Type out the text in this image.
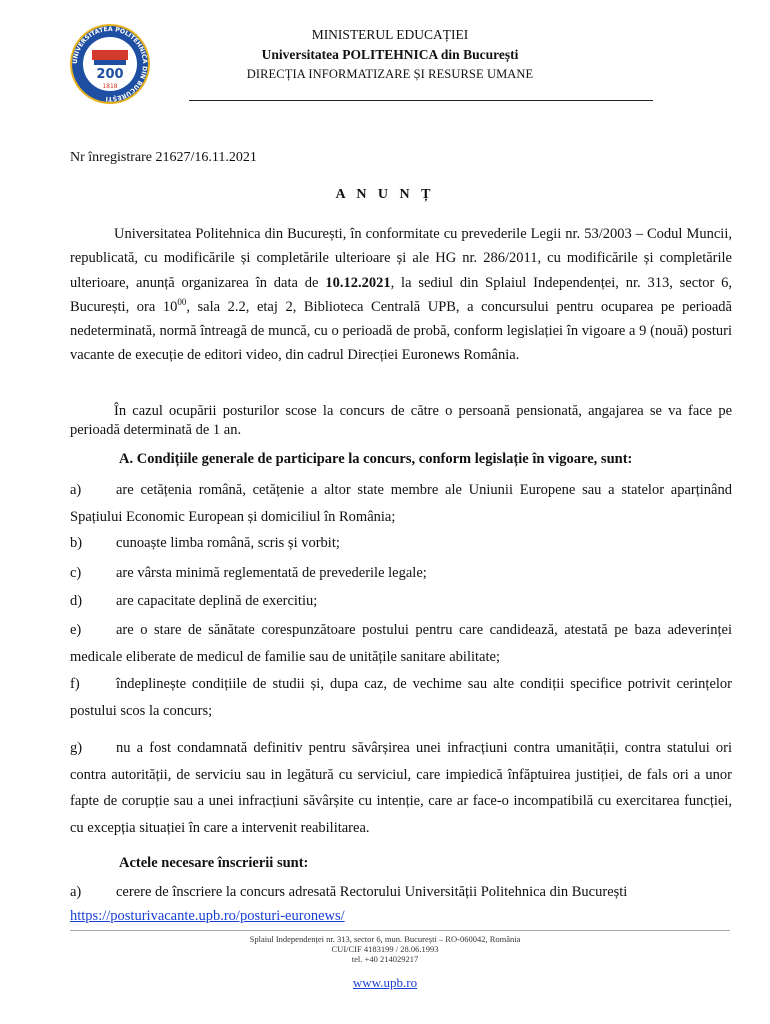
UNIVERSITATEA POLITEHNICA DIN BUCUREȘTI
200
1818
MINISTERUL EDUCAȚIEI
Universitatea POLITEHNICA din București
DIRECȚIA INFORMATIZARE ȘI RESURSE UMANE
Nr înregistrare 21627/16.11.2021
A N U N Ț
Universitatea Politehnica din București, în conformitate cu prevederile Legii nr. 53/2003 – Codul Muncii, republicată, cu modificările și completările ulterioare și ale HG nr. 286/2011, cu modificările și completările ulterioare, anunță organizarea în data de 10.12.2021, la sediul din Splaiul Independenței, nr. 313, sector 6, București, ora $10^{00}$, sala 2.2, etaj 2, Biblioteca Centrală UPB, a concursului pentru ocuparea pe perioadă nedeterminată, normă întreagă de muncă, cu o perioadă de probă, conform legislației în vigoare a 9 (nouă) posturi vacante de execuție de editori video, din cadrul Direcției Euronews România.
În cazul ocupării posturilor scose la concurs de către o persoană pensionată, angajarea se va face pe perioadă determinată de 1 an.
A. Condițiile generale de participare la concurs, conform legislație în vigoare, sunt:
a) are cetățenia română, cetățenie a altor state membre ale Uniunii Europene sau a statelor aparținând Spațiului Economic European și domiciliul în România;
b) cunoaște limba română, scris și vorbit;
c) are vârsta minimă reglementată de prevederile legale;
d) are capacitate deplină de exercitiu;
e) are o stare de sănătate corespunzătoare postului pentru care candidează, atestată pe baza adeverinței medicale eliberate de medicul de familie sau de unitățile sanitare abilitate;
f)	îndeplinește condițiile de studii și, dupa caz, de vechime sau alte condiții specifice potrivit cerințelor postului scos la concurs;
g) nu a fost condamnată definitiv pentru săvârșirea unei infracțiuni contra umanității, contra statului ori contra autorității, de serviciu sau in legătură cu serviciul, care impiedică înfăptuirea justiției, de fals ori a unor fapte de corupție sau a unei infracțiuni săvârșite cu intenție, care ar face-o incompatibilă cu exercitarea funcției, cu excepția situației în care a intervenit reabilitarea.
Actele necesare înscrierii sunt:
a) cerere de înscriere la concurs adresată Rectorului Universității Politehnica din București
https://posturivacante.upb.ro/posturi-euronews/
Splaiul Independenței nr. 313, sector 6, mun. București – RO-060042, România
CUI/CIF 4183199 / 28.06.1993
tel. +40 214029217
www.upb.ro
